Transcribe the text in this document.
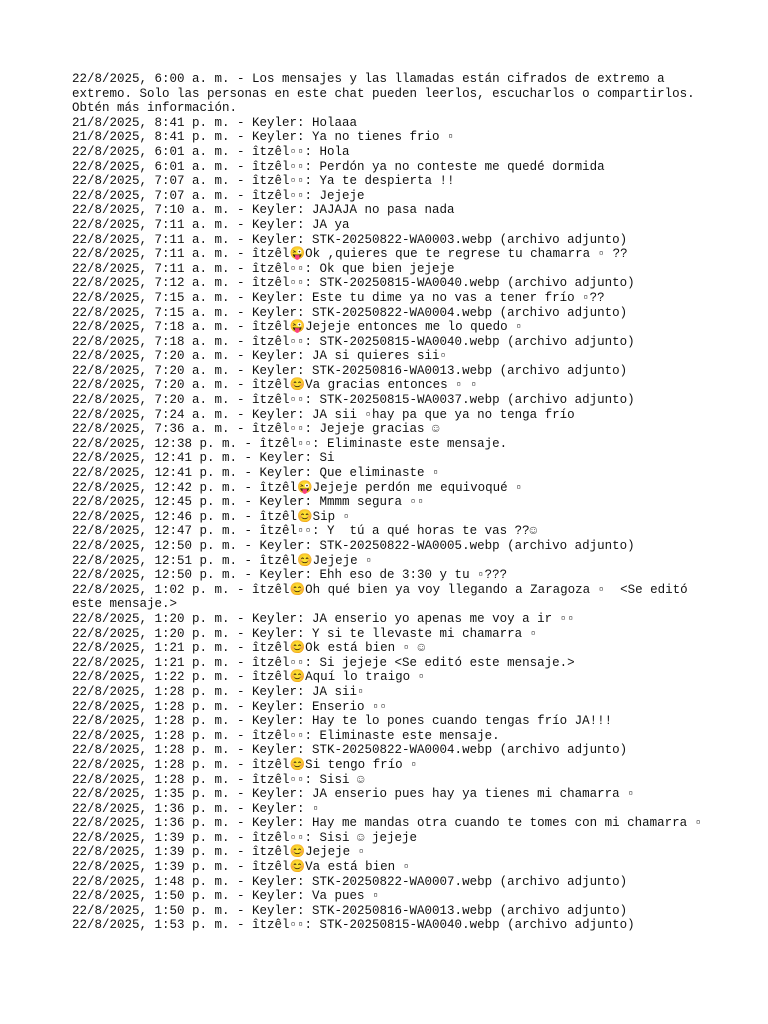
22/8/2025, 6:00 a. m. - Los mensajes y las llamadas están cifrados de extremo a extremo. Solo las personas en este chat pueden leerlos, escucharlos o compartirlos. Obtén más información.
21/8/2025, 8:41 p. m. - Keyler: Holaaa
21/8/2025, 8:41 p. m. - Keyler: Ya no tienes frio ▫
22/8/2025, 6:01 a. m. - îtzêl▫▫: Hola
22/8/2025, 6:01 a. m. - îtzêl▫▫: Perdón ya no conteste me quedé dormida
22/8/2025, 7:07 a. m. - îtzêl▫▫: Ya te despierta !!
22/8/2025, 7:07 a. m. - îtzêl▫▫: Jejeje
22/8/2025, 7:10 a. m. - Keyler: JAJAJA no pasa nada
22/8/2025, 7:11 a. m. - Keyler: JA ya
22/8/2025, 7:11 a. m. - Keyler: STK-20250822-WA0003.webp (archivo adjunto)
22/8/2025, 7:11 a. m. - îtzêl😜Ok ,quieres que te regrese tu chamarra ▫ ??
22/8/2025, 7:11 a. m. - îtzêl▫▫: Ok que bien jejeje
22/8/2025, 7:12 a. m. - îtzêl▫▫: STK-20250815-WA0040.webp (archivo adjunto)
22/8/2025, 7:15 a. m. - Keyler: Este tu dime ya no vas a tener frío ▫??
22/8/2025, 7:15 a. m. - Keyler: STK-20250822-WA0004.webp (archivo adjunto)
22/8/2025, 7:18 a. m. - îtzêl😜Jejeje entonces me lo quedo ▫
22/8/2025, 7:18 a. m. - îtzêl▫▫: STK-20250815-WA0040.webp (archivo adjunto)
22/8/2025, 7:20 a. m. - Keyler: JA si quieres sii▫
22/8/2025, 7:20 a. m. - Keyler: STK-20250816-WA0013.webp (archivo adjunto)
22/8/2025, 7:20 a. m. - îtzêl😊Va gracias entonces ▫ ▫
22/8/2025, 7:20 a. m. - îtzêl▫▫: STK-20250815-WA0037.webp (archivo adjunto)
22/8/2025, 7:24 a. m. - Keyler: JA sii ▫hay pa que ya no tenga frío
22/8/2025, 7:36 a. m. - îtzêl▫▫: Jejeje gracias ☺
22/8/2025, 12:38 p. m. - îtzêl▫▫: Eliminaste este mensaje.
22/8/2025, 12:41 p. m. - Keyler: Si
22/8/2025, 12:41 p. m. - Keyler: Que eliminaste ▫
22/8/2025, 12:42 p. m. - îtzêl😜Jejeje perdón me equivoqué ▫
22/8/2025, 12:45 p. m. - Keyler: Mmmm segura ▫▫
22/8/2025, 12:46 p. m. - îtzêl😊Sip ▫
22/8/2025, 12:47 p. m. - îtzêl▫▫: Y  tú a qué horas te vas ??☺
22/8/2025, 12:50 p. m. - Keyler: STK-20250822-WA0005.webp (archivo adjunto)
22/8/2025, 12:51 p. m. - îtzêl😊Jejeje ▫
22/8/2025, 12:50 p. m. - Keyler: Ehh eso de 3:30 y tu ▫???
22/8/2025, 1:02 p. m. - îtzêl😊Oh qué bien ya voy llegando a Zaragoza ▫  <Se editó este mensaje.>
22/8/2025, 1:20 p. m. - Keyler: JA enserio yo apenas me voy a ir ▫▫
22/8/2025, 1:20 p. m. - Keyler: Y si te llevaste mi chamarra ▫
22/8/2025, 1:21 p. m. - îtzêl😊Ok está bien ▫ ☺
22/8/2025, 1:21 p. m. - îtzêl▫▫: Si jejeje <Se editó este mensaje.>
22/8/2025, 1:22 p. m. - îtzêl😊Aquí lo traigo ▫
22/8/2025, 1:28 p. m. - Keyler: JA sii▫
22/8/2025, 1:28 p. m. - Keyler: Enserio ▫▫
22/8/2025, 1:28 p. m. - Keyler: Hay te lo pones cuando tengas frío JA!!!
22/8/2025, 1:28 p. m. - îtzêl▫▫: Eliminaste este mensaje.
22/8/2025, 1:28 p. m. - Keyler: STK-20250822-WA0004.webp (archivo adjunto)
22/8/2025, 1:28 p. m. - îtzêl😊Si tengo frío ▫
22/8/2025, 1:28 p. m. - îtzêl▫▫: Sisi ☺
22/8/2025, 1:35 p. m. - Keyler: JA enserio pues hay ya tienes mi chamarra ▫
22/8/2025, 1:36 p. m. - Keyler: ▫
22/8/2025, 1:36 p. m. - Keyler: Hay me mandas otra cuando te tomes con mi chamarra ▫
22/8/2025, 1:39 p. m. - îtzêl▫▫: Sisi ☺ jejeje
22/8/2025, 1:39 p. m. - îtzêl😊Jejeje ▫
22/8/2025, 1:39 p. m. - îtzêl😊Va está bien ▫
22/8/2025, 1:48 p. m. - Keyler: STK-20250822-WA0007.webp (archivo adjunto)
22/8/2025, 1:50 p. m. - Keyler: Va pues ▫
22/8/2025, 1:50 p. m. - Keyler: STK-20250816-WA0013.webp (archivo adjunto)
22/8/2025, 1:53 p. m. - îtzêl▫▫: STK-20250815-WA0040.webp (archivo adjunto)
